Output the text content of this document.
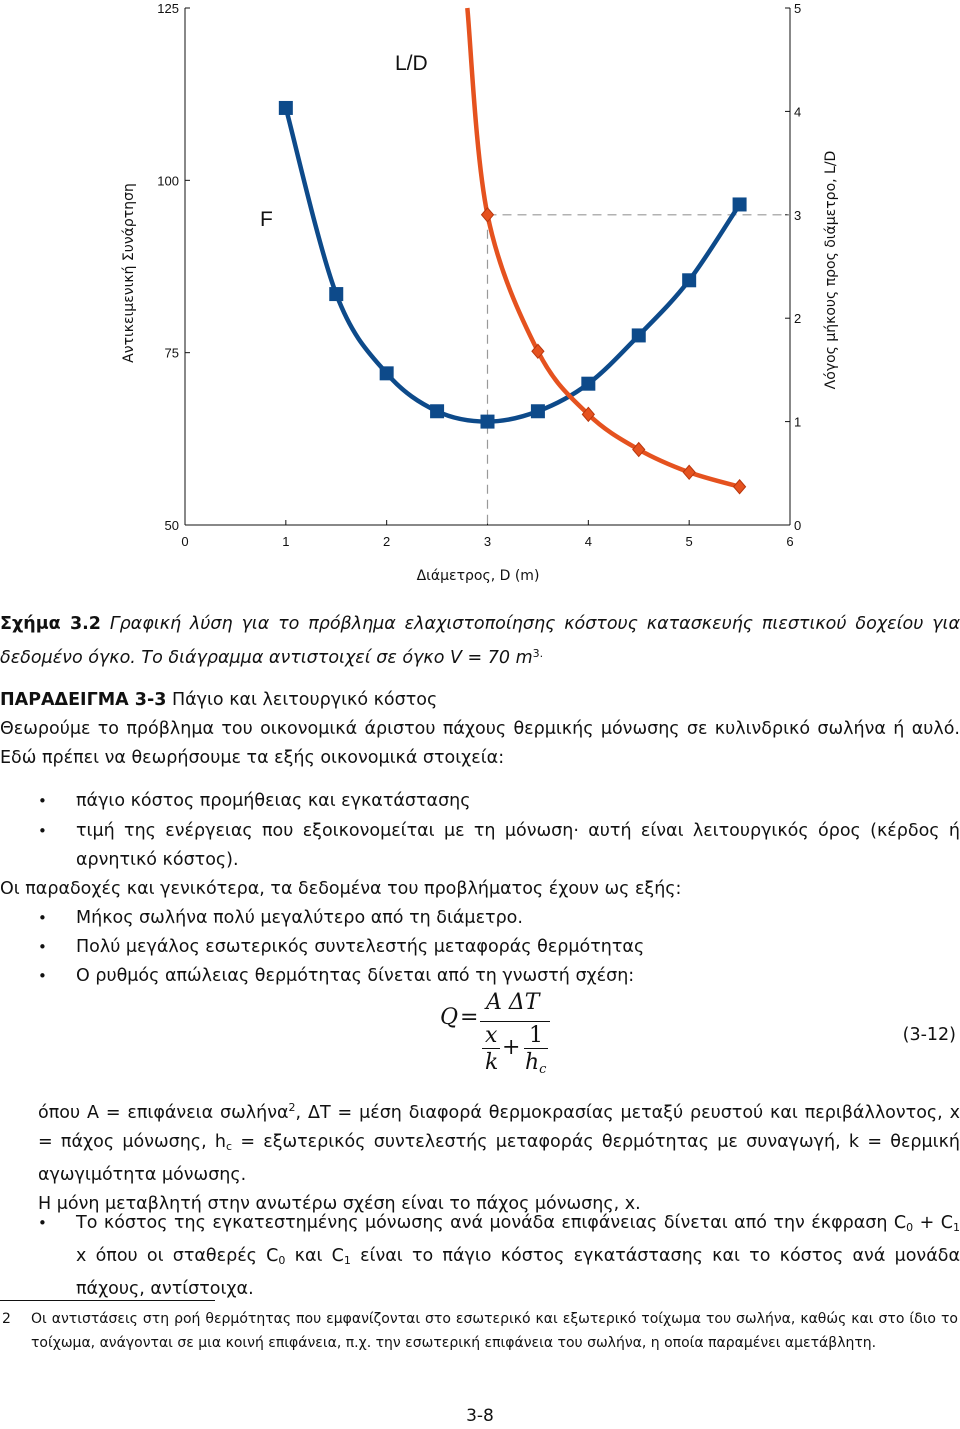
0	1	2	3	4	5	6
50
75
100
125
0
1
2
3
4
5
Διάμετρος, D (m)
Αντικειμενική Συνάρτηση	Λόγος μήκους προς διάμετρο, L/D
L/D
F
Σχήμα 3.2 Γραφική λύση για το πρόβλημα ελαχιστοποίησης κόστους κατασκευής πιεστικού δοχείου για δεδομένο όγκο. Το διάγραμμα αντιστοιχεί σε όγκο V = 70 $m^{3.}$
ΠΑΡΑΔΕΙΓΜΑ 3-3 Πάγιο και λειτουργικό κόστος
Θεωρούμε το πρόβλημα του οικονομικά άριστου πάχους θερμικής μόνωσης σε κυλινδρικό σωλήνα ή αυλό. Εδώ πρέπει να θεωρήσουμε τα εξής οικονομικά στοιχεία:
• πάγιο κόστος προμήθειας και εγκατάστασης
• τιμή της ενέργειας που εξοικονομείται με τη μόνωση· αυτή είναι λειτουργικός όρος (κέρδος ή αρνητικό κόστος).
Οι παραδοχές και γενικότερα, τα δεδομένα του προβλήματος έχουν ως εξής:
• Μήκος σωλήνα πολύ μεγαλύτερο από τη διάμετρο.
• Πολύ μεγάλος εσωτερικός συντελεστής μεταφοράς θερμότητας
• Ο ρυθμός απώλειας θερμότητας δίνεται από τη γνωστή σχέση:
Q =
A ΔT
x
k
+ 1
hc
(3-12)
όπου A = επιφάνεια σωλήνα$^2$, ΔT = μέση διαφορά θερμοκρασίας μεταξύ ρευστού και περιβάλλοντος, x = πάχος μόνωσης, $h_c = \varepsilon\xi\omega\tau\varepsilon\rho\iota\kappa ό\varsigma$ συντελεστής μεταφοράς θερμότητας με συναγωγή, k = θερμική αγωγιμότητα μόνωσης.
Η μόνη μεταβλητή στην ανωτέρω σχέση είναι το πάχος μόνωσης, x.
• Το κόστος της εγκατεστημένης μόνωσης ανά μονάδα επιφάνειας δίνεται από την έκφραση $C_0 + C_1$ x όπου οι σταθερές $C_0$ και $C_1$ είναι το πάγιο κόστος εγκατάστασης και το κόστος ανά μονάδα πάχους, αντίστοιχα.
2	Οι αντιστάσεις στη ροή θερμότητας που εμφανίζονται στο εσωτερικό και εξωτερικό τοίχωμα του σωλήνα, καθώς και στο ίδιο το τοίχωμα, ανάγονται σε μια κοινή επιφάνεια, π.χ. την εσωτερική επιφάνεια του σωλήνα, η οποία παραμένει αμετάβλητη.
3-8
